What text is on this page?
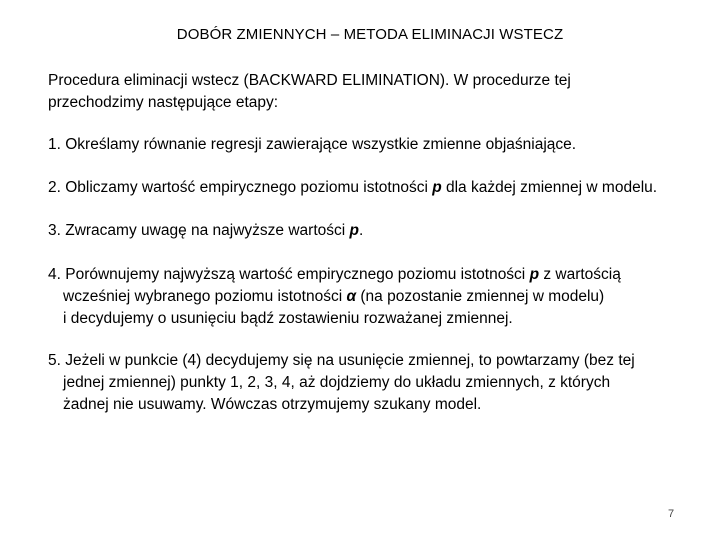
DOBÓR ZMIENNYCH – METODA ELIMINACJI WSTECZ
Procedura eliminacji wstecz (BACKWARD ELIMINATION). W procedurze tej
przechodzimy następujące etapy:
1. Określamy równanie regresji zawierające wszystkie zmienne objaśniające.
2. Obliczamy wartość empirycznego poziomu istotności p dla każdej zmiennej w modelu.
3. Zwracamy uwagę na najwyższe wartości p.
4. Porównujemy najwyższą wartość empirycznego poziomu istotności p z wartością
wcześniej wybranego poziomu istotności α (na pozostanie zmiennej w modelu)
i decydujemy o usunięciu bądź zostawieniu rozważanej zmiennej.
5. Jeżeli w punkcie (4) decydujemy się na usunięcie zmiennej, to powtarzamy (bez tej
jednej zmiennej) punkty 1, 2, 3, 4, aż dojdziemy do układu zmiennych, z których
żadnej nie usuwamy. Wówczas otrzymujemy szukany model.
7
